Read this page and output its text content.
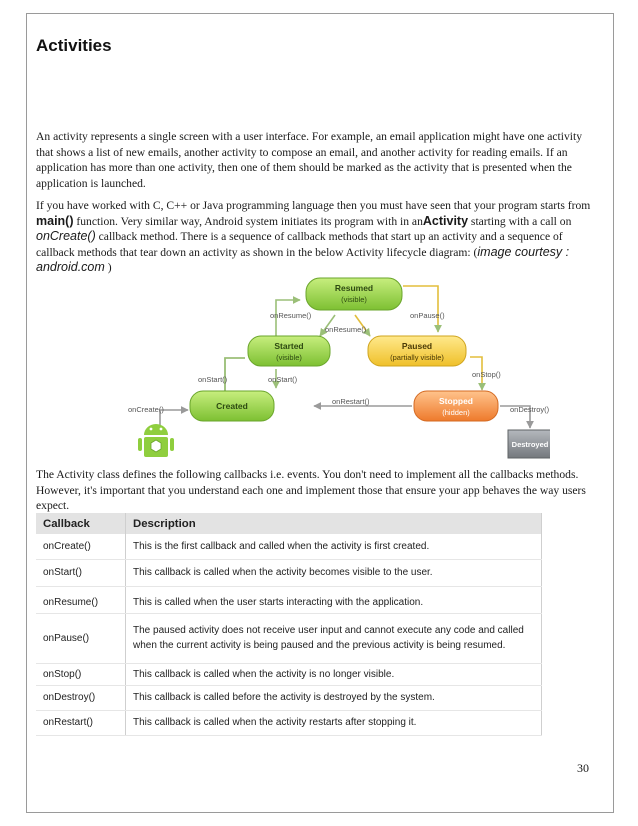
Activities

An activity represents a single screen with a user interface. For example, an email application might have one activity that shows a list of new emails, another activity to compose an email, and another activity for reading emails. If an application has more than one activity, then one of them should be marked as the activity that is presented when the application is launched.

If you have worked with C, C++ or Java programming language then you must have seen that your program starts from main() function. Very similar way, Android system initiates its program with in anActivity starting with a call on onCreate() callback method. There is a sequence of callback methods that start up an activity and a sequence of callback methods that tear down an activity as shown in the below Activity lifecycle diagram: (image courtesy : android.com )

Resumed
(visible)
Started
(visible)
Paused
(partially visible)
Created	Stopped
(hidden)
Destroyed
onResume()
onResume()
onPause()
onStart()	onStart()
onStop()
onCreate()
onRestart()
onDestroy()

The Activity class defines the following callbacks i.e. events. You don't need to implement all the callbacks methods. However, it's important that you understand each one and implement those that ensure your app behaves the way users expect.

Callback	Description
onCreate()	This is the first callback and called when the activity is first created.
onStart()	This callback is called when the activity becomes visible to the user.
onResume()	This is called when the user starts interacting with the application.
onPause()	The paused activity does not receive user input and cannot execute any code and called when the current activity is being paused and the previous activity is being resumed.
onStop()	This callback is called when the activity is no longer visible.
onDestroy()	This callback is called before the activity is destroyed by the system.
onRestart()	This callback is called when the activity restarts after stopping it.
30
